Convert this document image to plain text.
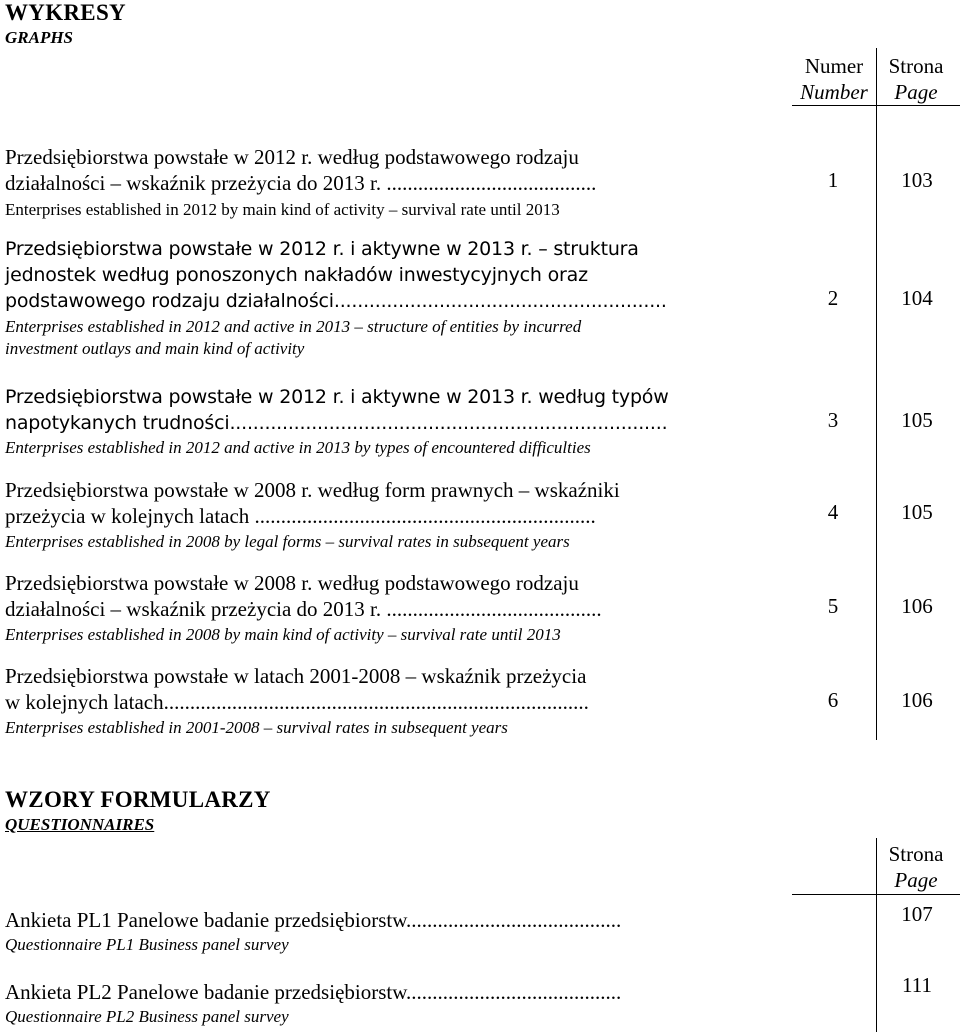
WYKRESY
GRAPHS
Numer
Number
Strona
Page
Przedsiębiorstwa powstałe w 2012 r. według podstawowego rodzaju
działalności – wskaźnik przeżycia do 2013 r. ........................................
Enterprises established in 2012 by main kind of activity – survival rate until 2013
1	103
Przedsiębiorstwa powstałe w 2012 r. i aktywne w 2013 r. – struktura
jednostek według ponoszonych nakładów inwestycyjnych oraz
podstawowego rodzaju działalności.........................................................
Enterprises established in 2012 and active in 2013 – structure of entities by incurred
investment outlays and main kind of activity
2	104
Przedsiębiorstwa powstałe w 2012 r. i aktywne w 2013 r. według typów
napotykanych trudności...........................................................................
Enterprises established in 2012 and active in 2013 by types of encountered difficulties
3	105
Przedsiębiorstwa powstałe w 2008 r. według form prawnych – wskaźniki
przeżycia w kolejnych latach .................................................................
Enterprises established in 2008 by legal forms – survival rates in subsequent years
4	105
Przedsiębiorstwa powstałe w 2008 r. według podstawowego rodzaju
działalności – wskaźnik przeżycia do 2013 r. .........................................
Enterprises established in 2008 by main kind of activity – survival rate until 2013
5	106
Przedsiębiorstwa powstałe w latach 2001-2008 – wskaźnik przeżycia
w kolejnych latach.................................................................................
Enterprises established in 2001-2008 – survival rates in subsequent years
6	106
WZORY FORMULARZY
QUESTIONNAIRES
Strona
Page
Ankieta PL1 Panelowe badanie przedsiębiorstw.........................................
Questionnaire PL1 Business panel survey
107
Ankieta PL2 Panelowe badanie przedsiębiorstw.........................................
Questionnaire PL2 Business panel survey
111
